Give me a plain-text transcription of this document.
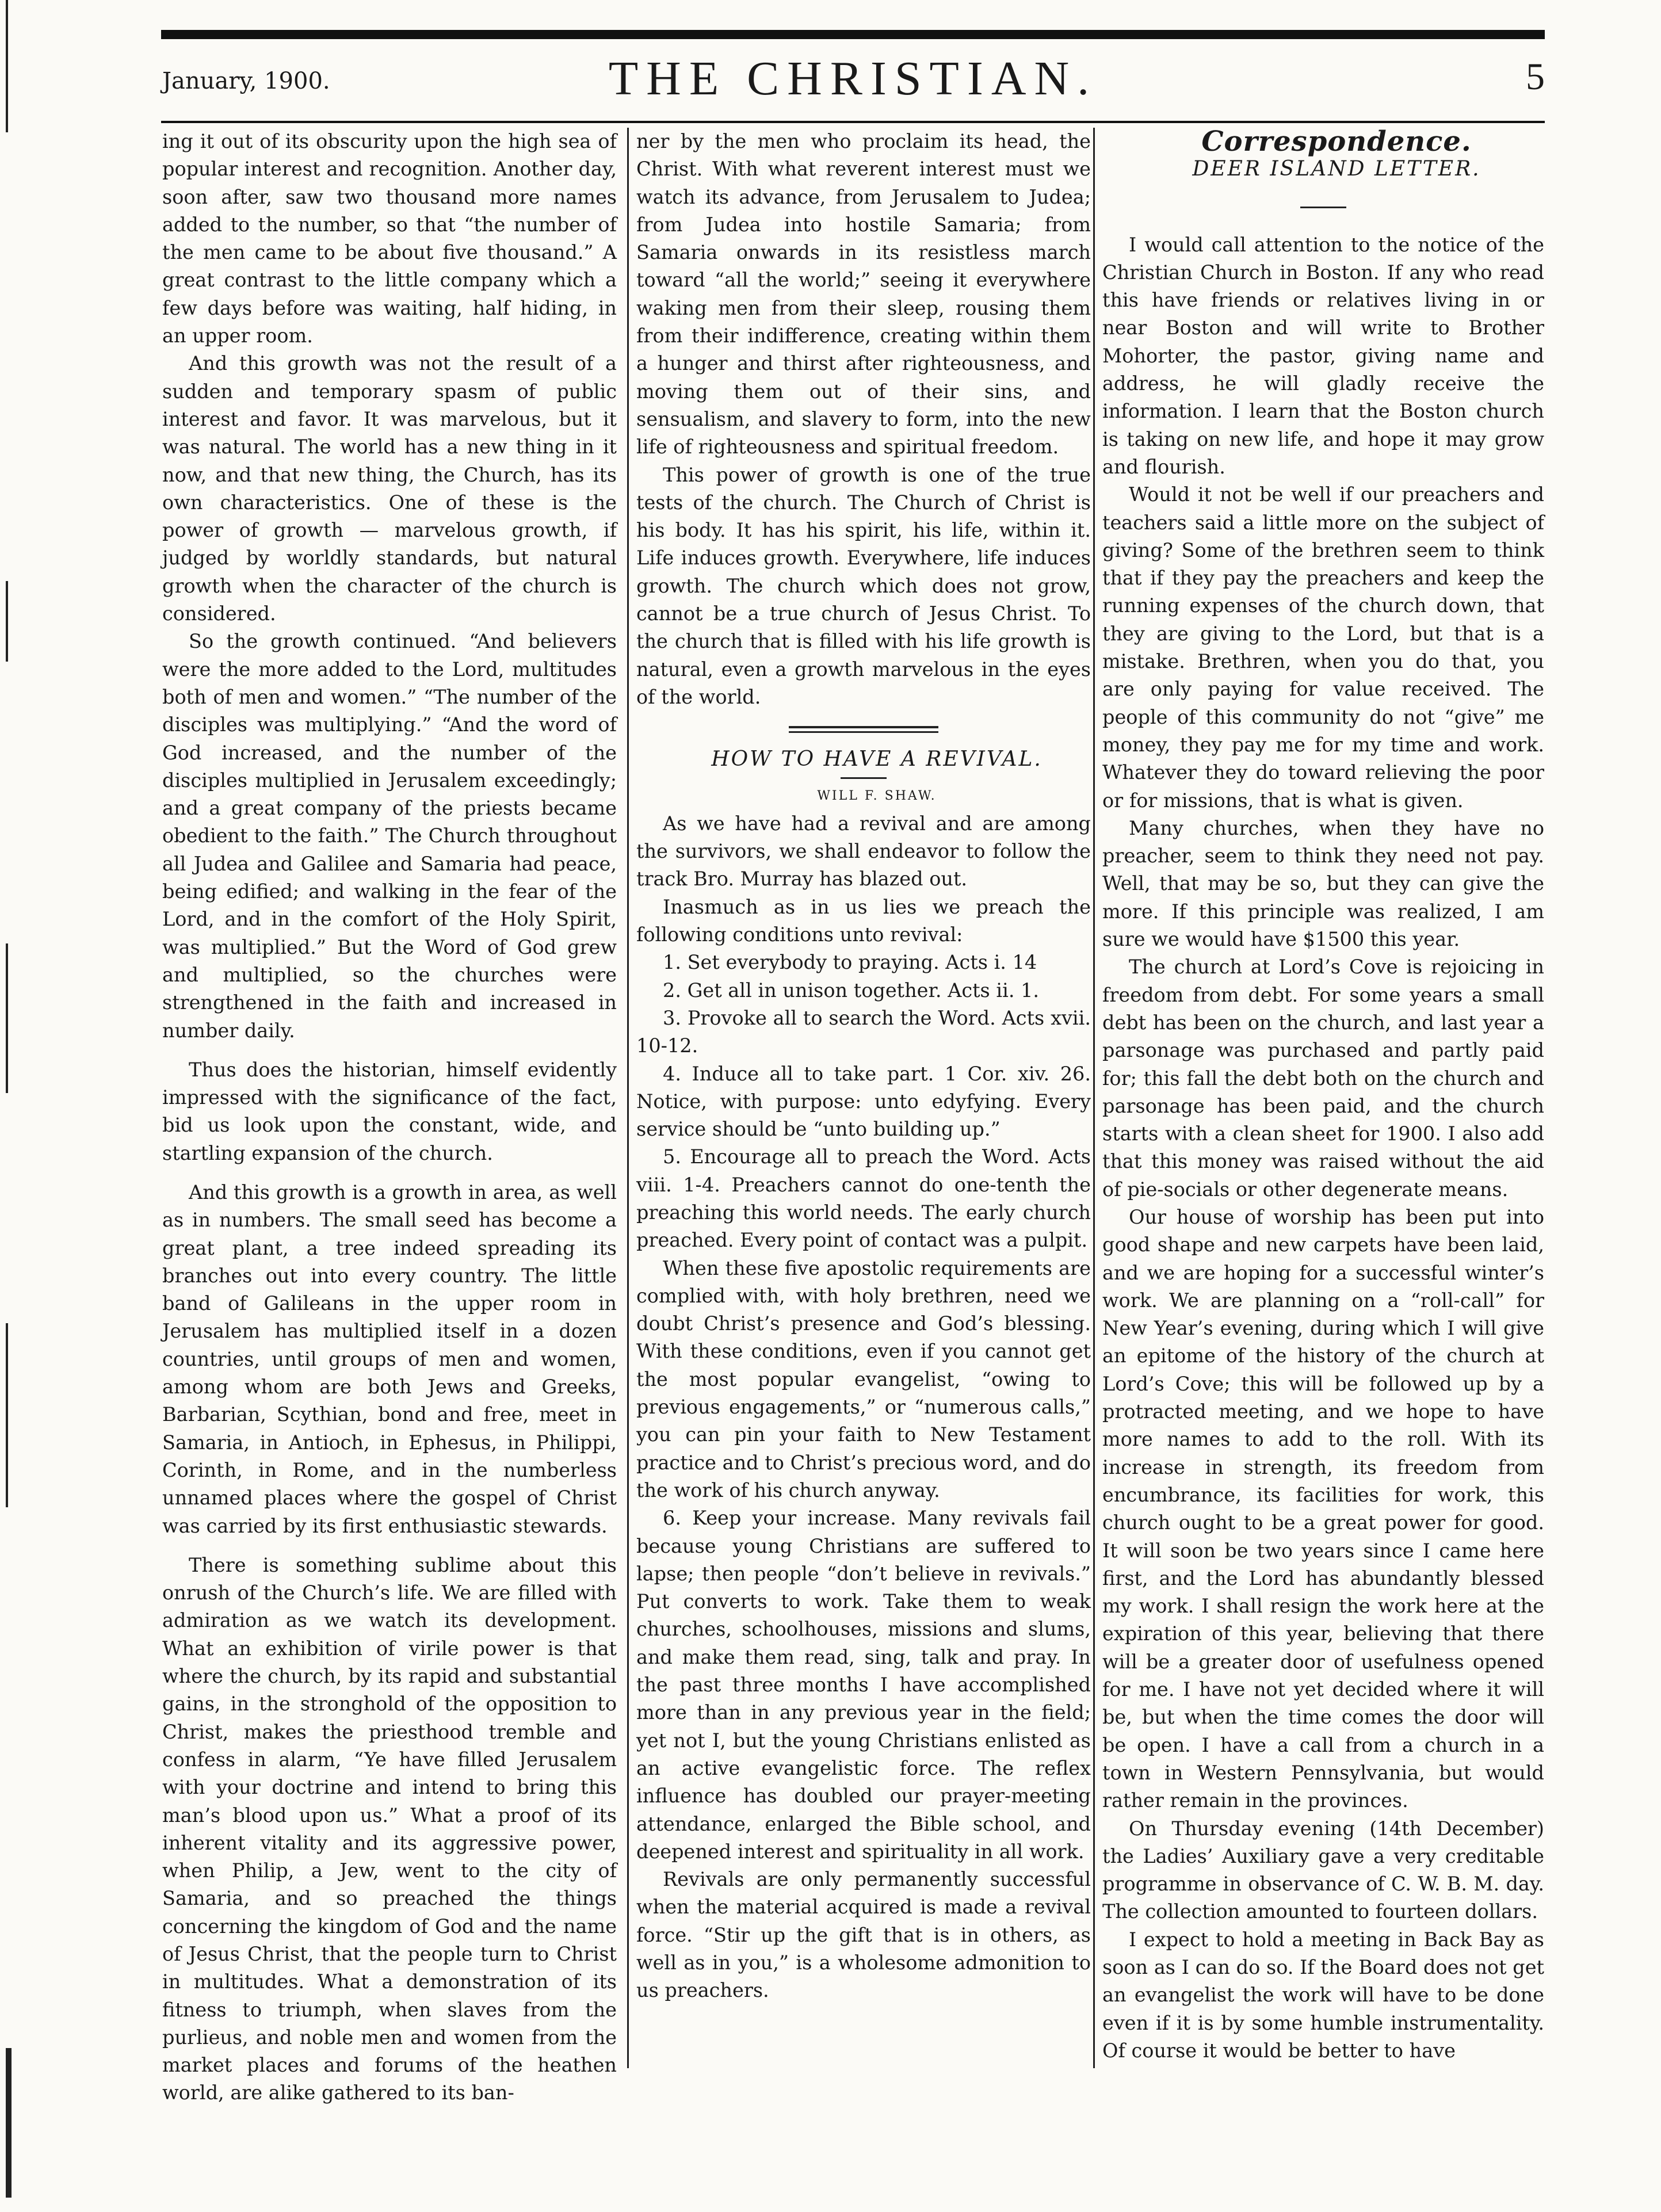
January, 1900.	THE CHRISTIAN.	5

ing it out of its obscurity upon the high sea of popular interest and recognition. Another day, soon after, saw two thousand more names added to the number, so that “the number of the men came to be about five thousand.” A great contrast to the little company which a few days before was waiting, half hiding, in an upper room.

And this growth was not the result of a sudden and temporary spasm of public interest and favor. It was marvelous, but it was natural. The world has a new thing in it now, and that new thing, the Church, has its own characteristics. One of these is the power of growth — marvelous growth, if judged by worldly standards, but natural growth when the character of the church is considered.

So the growth continued. “And believers were the more added to the Lord, multitudes both of men and women.” “The number of the disciples was multiplying.” “And the word of God increased, and the number of the disciples multiplied in Jerusalem exceedingly; and a great company of the priests became obedient to the faith.” The Church throughout all Judea and Galilee and Samaria had peace, being edified; and walking in the fear of the Lord, and in the comfort of the Holy Spirit, was multiplied.” But the Word of God grew and multiplied, so the churches were strengthened in the faith and increased in number daily.

Thus does the historian, himself evidently impressed with the significance of the fact, bid us look upon the constant, wide, and startling expansion of the church.

And this growth is a growth in area, as well as in numbers. The small seed has become a great plant, a tree indeed spreading its branches out into every country. The little band of Galileans in the upper room in Jerusalem has multiplied itself in a dozen countries, until groups of men and women, among whom are both Jews and Greeks, Barbarian, Scythian, bond and free, meet in Samaria, in Antioch, in Ephesus, in Philippi, Corinth, in Rome, and in the numberless unnamed places where the gospel of Christ was carried by its first enthusiastic stewards.

There is something sublime about this onrush of the Church’s life. We are filled with admiration as we watch its development. What an exhibition of virile power is that where the church, by its rapid and substantial gains, in the stronghold of the opposition to Christ, makes the priesthood tremble and confess in alarm, “Ye have filled Jerusalem with your doctrine and intend to bring this man’s blood upon us.” What a proof of its inherent vitality and its aggressive power, when Philip, a Jew, went to the city of Samaria, and so preached the things concerning the kingdom of God and the name of Jesus Christ, that the people turn to Christ in multitudes. What a demonstration of its fitness to triumph, when slaves from the purlieus, and noble men and women from the market places and forums of the heathen world, are alike gathered to its ban-

ner by the men who proclaim its head, the Christ. With what reverent interest must we watch its advance, from Jerusalem to Judea; from Judea into hostile Samaria; from Samaria onwards in its resistless march toward “all the world;” seeing it everywhere waking men from their sleep, rousing them from their indifference, creating within them a hunger and thirst after righteousness, and moving them out of their sins, and sensualism, and slavery to form, into the new life of righteousness and spiritual freedom.

This power of growth is one of the true tests of the church. The Church of Christ is his body. It has his spirit, his life, within it. Life induces growth. Everywhere, life induces growth. The church which does not grow, cannot be a true church of Jesus Christ. To the church that is filled with his life growth is natural, even a growth marvelous in the eyes of the world.

HOW TO HAVE A REVIVAL.

WILL F. SHAW.

As we have had a revival and are among the survivors, we shall endeavor to follow the track Bro. Murray has blazed out.

Inasmuch as in us lies we preach the following conditions unto revival:

1. Set everybody to praying. Acts i. 14

2. Get all in unison together. Acts ii. 1.

3. Provoke all to search the Word. Acts xvii. 10-12.

4. Induce all to take part. 1 Cor. xiv. 26. Notice, with purpose: unto edyfying. Every service should be “unto building up.”

5. Encourage all to preach the Word. Acts viii. 1-4. Preachers cannot do one-tenth the preaching this world needs. The early church preached. Every point of contact was a pulpit.

When these five apostolic requirements are complied with, with holy brethren, need we doubt Christ’s presence and God’s blessing. With these conditions, even if you cannot get the most popular evangelist, “owing to previous engagements,” or “numerous calls,” you can pin your faith to New Testament practice and to Christ’s precious word, and do the work of his church anyway.

6. Keep your increase. Many revivals fail because young Christians are suffered to lapse; then people “don’t believe in revivals.” Put converts to work. Take them to weak churches, schoolhouses, missions and slums, and make them read, sing, talk and pray. In the past three months I have accomplished more than in any previous year in the field; yet not I, but the young Christians enlisted as an active evangelistic force. The reflex influence has doubled our prayer-meeting attendance, enlarged the Bible school, and deepened interest and spirituality in all work.

Revivals are only permanently successful when the material acquired is made a revival force. “Stir up the gift that is in others, as well as in you,” is a wholesome admonition to us preachers.

Correspondence.

DEER ISLAND LETTER.

I would call attention to the notice of the Christian Church in Boston. If any who read this have friends or relatives living in or near Boston and will write to Brother Mohorter, the pastor, giving name and address, he will gladly receive the information. I learn that the Boston church is taking on new life, and hope it may grow and flourish.

Would it not be well if our preachers and teachers said a little more on the subject of giving? Some of the brethren seem to think that if they pay the preachers and keep the running expenses of the church down, that they are giving to the Lord, but that is a mistake. Brethren, when you do that, you are only paying for value received. The people of this community do not “give” me money, they pay me for my time and work. Whatever they do toward relieving the poor or for missions, that is what is given.

Many churches, when they have no preacher, seem to think they need not pay. Well, that may be so, but they can give the more. If this principle was realized, I am sure we would have $1500 this year.

The church at Lord’s Cove is rejoicing in freedom from debt. For some years a small debt has been on the church, and last year a parsonage was purchased and partly paid for; this fall the debt both on the church and parsonage has been paid, and the church starts with a clean sheet for 1900. I also add that this money was raised without the aid of pie-socials or other degenerate means.

Our house of worship has been put into good shape and new carpets have been laid, and we are hoping for a successful winter’s work. We are planning on a “roll-call” for New Year’s evening, during which I will give an epitome of the history of the church at Lord’s Cove; this will be followed up by a protracted meeting, and we hope to have more names to add to the roll. With its increase in strength, its freedom from encumbrance, its facilities for work, this church ought to be a great power for good. It will soon be two years since I came here first, and the Lord has abundantly blessed my work. I shall resign the work here at the expiration of this year, believing that there will be a greater door of usefulness opened for me. I have not yet decided where it will be, but when the time comes the door will be open. I have a call from a church in a town in Western Pennsylvania, but would rather remain in the provinces.

On Thursday evening (14th December) the Ladies’ Auxiliary gave a very creditable programme in observance of C. W. B. M. day. The collection amounted to fourteen dollars.

I expect to hold a meeting in Back Bay as soon as I can do so. If the Board does not get an evangelist the work will have to be done even if it is by some humble instrumentality. Of course it would be better to have
